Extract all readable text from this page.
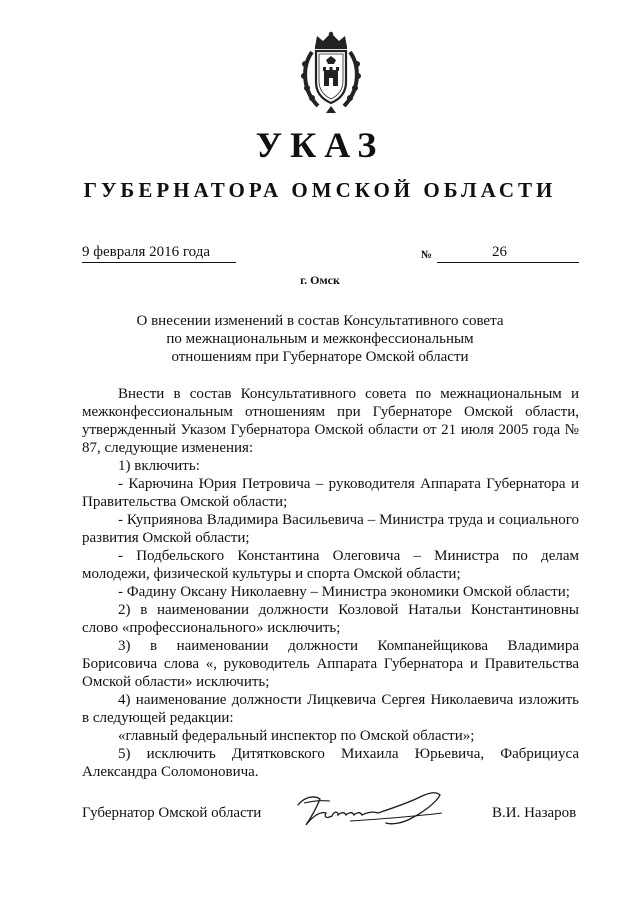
УКАЗ
ГУБЕРНАТОРА ОМСКОЙ ОБЛАСТИ
9 февраля 2016 года	№	26
г. Омск
О внесении изменений в состав Консультативного совета
по межнациональным и межконфессиональным
отношениям при Губернаторе Омской области

Внести в состав Консультативного совета по межнациональным и межконфессиональным отношениям при Губернаторе Омской области, утвержденный Указом Губернатора Омской области от 21 июля 2005 года № 87, следующие изменения:

1) включить:

- Карючина Юрия Петровича – руководителя Аппарата Губернатора и Правительства Омской области;

- Куприянова Владимира Васильевича – Министра труда и социального развития Омской области;

- Подбельского Константина Олеговича – Министра по делам молодежи, физической культуры и спорта Омской области;

- Фадину Оксану Николаевну – Министра экономики Омской области;

2) в наименовании должности Козловой Натальи Константиновны слово «профессионального» исключить;

3) в наименовании должности Компанейщикова Владимира Борисовича слова «, руководитель Аппарата Губернатора и Правительства Омской области» исключить;

4) наименование должности Лицкевича Сергея Николаевича изложить в следующей редакции:

«главный федеральный инспектор по Омской области»;

5) исключить Дитятковского Михаила Юрьевича, Фабрициуса Александра Соломоновича.

Губернатор Омской области	В.И. Назаров
